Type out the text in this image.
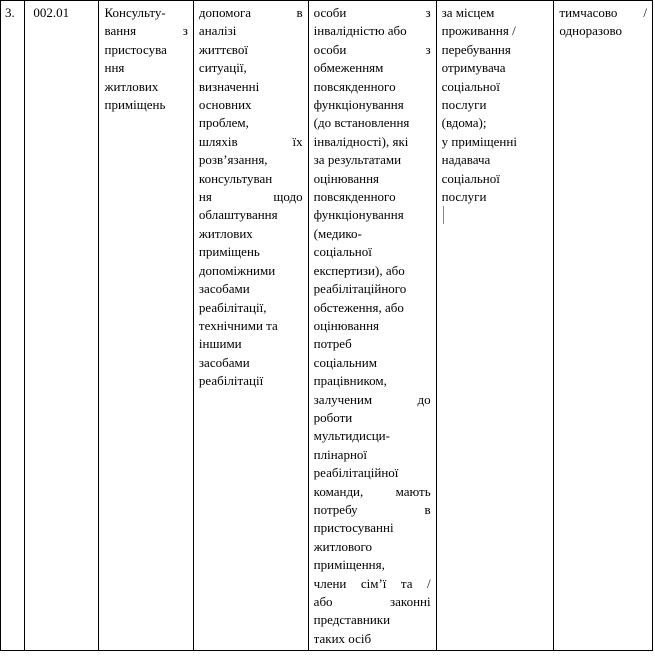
3.	002.01	Консульту-
вання з
пристосува
ння
житлових
приміщень

допомога в
аналізі
життєвої
ситуації,
визначенні
основних
проблем,
шляхів їх
розв’язання,
консультуван
ня щодо
облаштування
житлових
приміщень
допоміжними
засобами
реабілітації,
технічними та
іншими
засобами
реабілітації

особи з
інвалідністю або
особи з
обмеженням
повсякденного
функціонування
(до встановлення
інвалідності), які
за результатами
оцінювання
повсякденного
функціонування
(медико-
соціальної
експертизи), або
реабілітаційного
обстеження, або
оцінювання
потреб
соціальним
працівником,
залученим до
роботи
мультидисци-
плінарної
реабілітаційної
команди, мають
потребу в
пристосуванні
житлового
приміщення,
члени сім’ї та /
або законні
представники
таких осіб

за місцем
проживання /
перебування
отримувача
соціальної
послуги
(вдома);
у приміщенні
надавача
соціальної
послуги

тимчасово /
одноразово
